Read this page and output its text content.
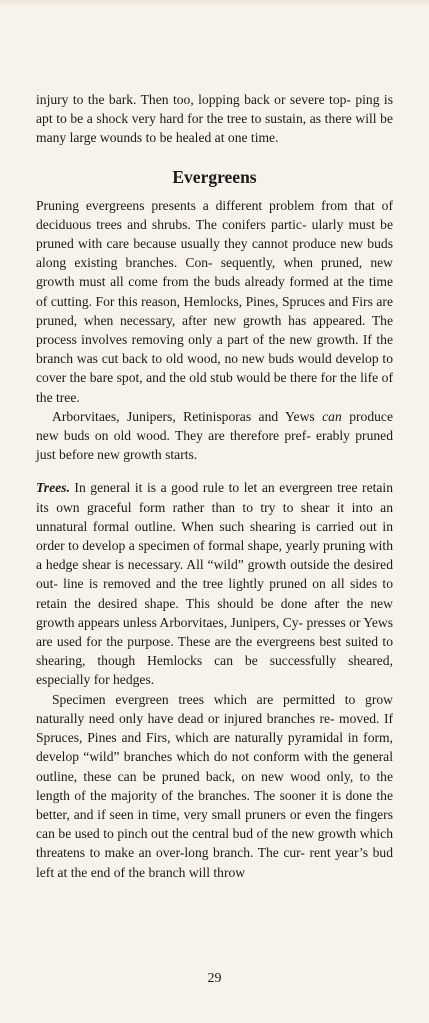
injury to the bark. Then too, lopping back or severe top- ping is apt to be a shock very hard for the tree to sustain, as there will be many large wounds to be healed at one time.

Evergreens

Pruning evergreens presents a different problem from that of deciduous trees and shrubs. The conifers partic- ularly must be pruned with care because usually they cannot produce new buds along existing branches. Con- sequently, when pruned, new growth must all come from the buds already formed at the time of cutting. For this reason, Hemlocks, Pines, Spruces and Firs are pruned, when necessary, after new growth has appeared. The process involves removing only a part of the new growth. If the branch was cut back to old wood, no new buds would develop to cover the bare spot, and the old stub would be there for the life of the tree.

Arborvitaes, Junipers, Retinisporas and Yews can produce new buds on old wood. They are therefore pref- erably pruned just before new growth starts.

Trees. In general it is a good rule to let an evergreen tree retain its own graceful form rather than to try to shear it into an unnatural formal outline. When such shearing is carried out in order to develop a specimen of formal shape, yearly pruning with a hedge shear is necessary. All “wild” growth outside the desired out- line is removed and the tree lightly pruned on all sides to retain the desired shape. This should be done after the new growth appears unless Arborvitaes, Junipers, Cy- presses or Yews are used for the purpose. These are the evergreens best suited to shearing, though Hemlocks can be successfully sheared, especially for hedges.

Specimen evergreen trees which are permitted to grow naturally need only have dead or injured branches re- moved. If Spruces, Pines and Firs, which are naturally pyramidal in form, develop “wild” branches which do not conform with the general outline, these can be pruned back, on new wood only, to the length of the majority of the branches. The sooner it is done the better, and if seen in time, very small pruners or even the fingers can be used to pinch out the central bud of the new growth which threatens to make an over-long branch. The cur- rent year’s bud left at the end of the branch will throw

29
